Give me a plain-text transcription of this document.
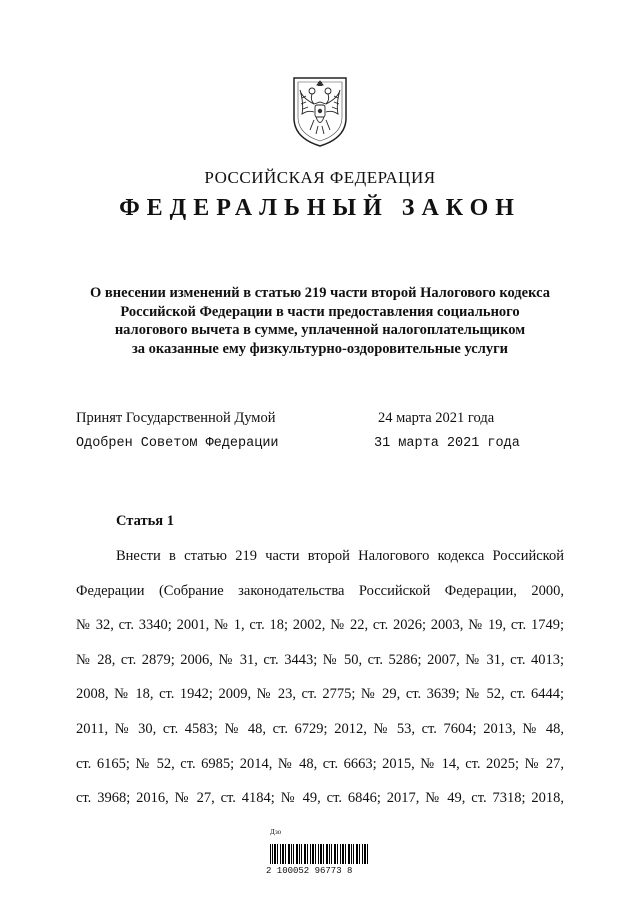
РОССИЙСКАЯ ФЕДЕРАЦИЯ
ФЕДЕРАЛЬНЫЙ ЗАКОН
О внесении изменений в статью 219 части второй Налогового кодекса
Российской Федерации в части предоставления социального
налогового вычета в сумме, уплаченной налогоплательщиком
за оказанные ему физкультурно-оздоровительные услуги
Принят Государственной Думой	24 марта 2021 года
Одобрен Советом Федерации	31 марта 2021 года
Статья 1
Внести в статью 219 части второй Налогового кодекса Российской
Федерации (Собрание законодательства Российской Федерации, 2000,
№ 32, ст. 3340; 2001, № 1, ст. 18; 2002, № 22, ст. 2026; 2003, № 19, ст. 1749;
№ 28, ст. 2879; 2006, № 31, ст. 3443; № 50, ст. 5286; 2007, № 31, ст. 4013;
2008, № 18, ст. 1942; 2009, № 23, ст. 2775; № 29, ст. 3639; № 52, ст. 6444;
2011, № 30, ст. 4583; № 48, ст. 6729; 2012, № 53, ст. 7604; 2013, № 48,
ст. 6165; № 52, ст. 6985; 2014, № 48, ст. 6663; 2015, № 14, ст. 2025; № 27,
ст. 3968; 2016, № 27, ст. 4184; № 49, ст. 6846; 2017, № 49, ст. 7318; 2018,
Дзо
2 100052 96773 8
